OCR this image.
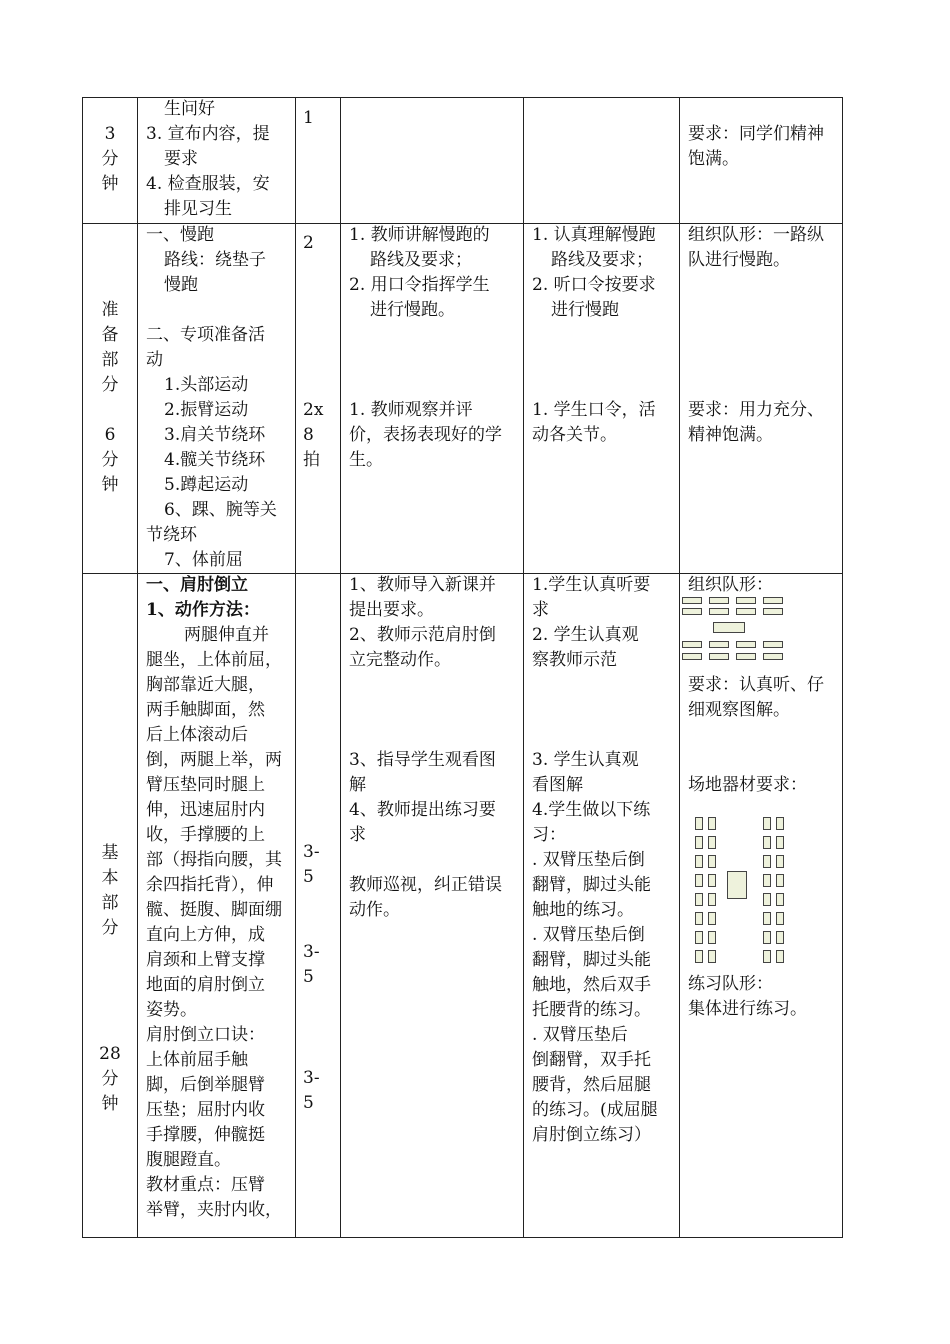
3
分
钟
生问好
3. 宣布内容，提
要求
4. 检查服装，安
排见习生
1
要求：同学们精神
饱满。
准
备
部
分
6
分
钟
一、慢跑
路线：绕垫子
慢跑
二、专项准备活
动
1.头部运动
2.振臂运动
3.肩关节绕环
4.髋关节绕环
5.蹲起运动
6、踝、腕等关
节绕环
7、体前屈
2
2x
8
拍
1. 教师讲解慢跑的
路线及要求；
2. 用口令指挥学生
进行慢跑。
1. 教师观察并评
价，表扬表现好的学
生。
1. 认真理解慢跑
路线及要求；
2. 听口令按要求
进行慢跑
1. 学生口令，活
动各关节。
组织队形：一路纵
队进行慢跑。
要求：用力充分、
精神饱满。
基
本
部
分
28
分
钟
一、肩肘倒立
1、动作方法：
两腿伸直并
腿坐，上体前屈，
胸部靠近大腿，
两手触脚面，然
后上体滚动后
倒，两腿上举，两
臂压垫同时腿上
伸，迅速屈肘内
收，手撑腰的上
部（拇指向腰，其
余四指托背），伸
髋、挺腹、脚面绷
直向上方伸，成
肩颈和上臂支撑
地面的肩肘倒立
姿势。
肩肘倒立口诀：
上体前屈手触
脚，后倒举腿臂
压垫；屈肘内收
手撑腰，伸髋挺
腹腿蹬直。
教材重点：压臂
举臂，夹肘内收，
3-
5
3-
5
3-
5
1、教师导入新课并
提出要求。
2、教师示范肩肘倒
立完整动作。
3、指导学生观看图
解
4、教师提出练习要
求
教师巡视，纠正错误
动作。
1.学生认真听要
求
2. 学生认真观
察教师示范
3. 学生认真观
看图解
4.学生做以下练
习：
. 双臂压垫后倒
翻臂，脚过头能
触地的练习。
. 双臂压垫后倒
翻臂，脚过头能
触地，然后双手
托腰背的练习。
. 双臂压垫后
倒翻臂，双手托
腰背，然后屈腿
的练习。(成屈腿
肩肘倒立练习）
组织队形：
要求：认真听、仔
细观察图解。
场地器材要求：
练习队形：
集体进行练习。
